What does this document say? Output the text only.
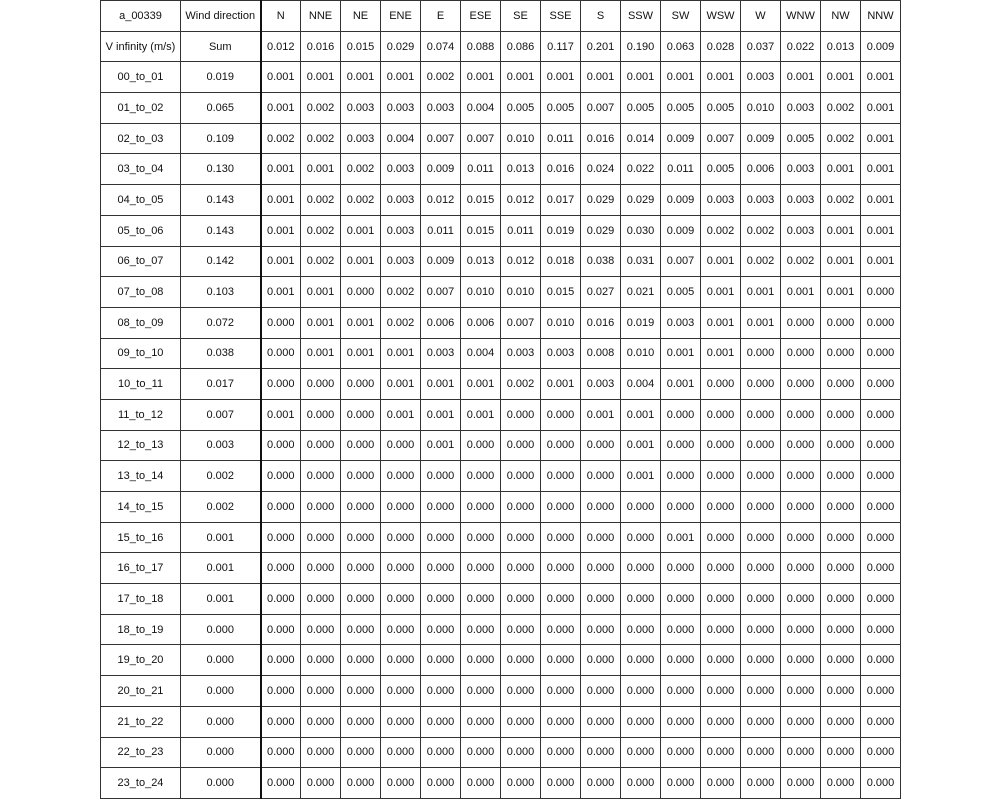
a_00339	Wind direction	N	NNE	NE	ENE	E	ESE	SE	SSE	S	SSW	SW	WSW	W	WNW	NW	NNW
V infinity (m/s)	Sum	0.012	0.016	0.015	0.029	0.074	0.088	0.086	0.117	0.201	0.190	0.063	0.028	0.037	0.022	0.013	0.009
00_to_01	0.019	0.001	0.001	0.001	0.001	0.002	0.001	0.001	0.001	0.001	0.001	0.001	0.001	0.003	0.001	0.001	0.001
01_to_02	0.065	0.001	0.002	0.003	0.003	0.003	0.004	0.005	0.005	0.007	0.005	0.005	0.005	0.010	0.003	0.002	0.001
02_to_03	0.109	0.002	0.002	0.003	0.004	0.007	0.007	0.010	0.011	0.016	0.014	0.009	0.007	0.009	0.005	0.002	0.001
03_to_04	0.130	0.001	0.001	0.002	0.003	0.009	0.011	0.013	0.016	0.024	0.022	0.011	0.005	0.006	0.003	0.001	0.001
04_to_05	0.143	0.001	0.002	0.002	0.003	0.012	0.015	0.012	0.017	0.029	0.029	0.009	0.003	0.003	0.003	0.002	0.001
05_to_06	0.143	0.001	0.002	0.001	0.003	0.011	0.015	0.011	0.019	0.029	0.030	0.009	0.002	0.002	0.003	0.001	0.001
06_to_07	0.142	0.001	0.002	0.001	0.003	0.009	0.013	0.012	0.018	0.038	0.031	0.007	0.001	0.002	0.002	0.001	0.001
07_to_08	0.103	0.001	0.001	0.000	0.002	0.007	0.010	0.010	0.015	0.027	0.021	0.005	0.001	0.001	0.001	0.001	0.000
08_to_09	0.072	0.000	0.001	0.001	0.002	0.006	0.006	0.007	0.010	0.016	0.019	0.003	0.001	0.001	0.000	0.000	0.000
09_to_10	0.038	0.000	0.001	0.001	0.001	0.003	0.004	0.003	0.003	0.008	0.010	0.001	0.001	0.000	0.000	0.000	0.000
10_to_11	0.017	0.000	0.000	0.000	0.001	0.001	0.001	0.002	0.001	0.003	0.004	0.001	0.000	0.000	0.000	0.000	0.000
11_to_12	0.007	0.001	0.000	0.000	0.001	0.001	0.001	0.000	0.000	0.001	0.001	0.000	0.000	0.000	0.000	0.000	0.000
12_to_13	0.003	0.000	0.000	0.000	0.000	0.001	0.000	0.000	0.000	0.000	0.001	0.000	0.000	0.000	0.000	0.000	0.000
13_to_14	0.002	0.000	0.000	0.000	0.000	0.000	0.000	0.000	0.000	0.000	0.001	0.000	0.000	0.000	0.000	0.000	0.000
14_to_15	0.002	0.000	0.000	0.000	0.000	0.000	0.000	0.000	0.000	0.000	0.000	0.000	0.000	0.000	0.000	0.000	0.000
15_to_16	0.001	0.000	0.000	0.000	0.000	0.000	0.000	0.000	0.000	0.000	0.000	0.001	0.000	0.000	0.000	0.000	0.000
16_to_17	0.001	0.000	0.000	0.000	0.000	0.000	0.000	0.000	0.000	0.000	0.000	0.000	0.000	0.000	0.000	0.000	0.000
17_to_18	0.001	0.000	0.000	0.000	0.000	0.000	0.000	0.000	0.000	0.000	0.000	0.000	0.000	0.000	0.000	0.000	0.000
18_to_19	0.000	0.000	0.000	0.000	0.000	0.000	0.000	0.000	0.000	0.000	0.000	0.000	0.000	0.000	0.000	0.000	0.000
19_to_20	0.000	0.000	0.000	0.000	0.000	0.000	0.000	0.000	0.000	0.000	0.000	0.000	0.000	0.000	0.000	0.000	0.000
20_to_21	0.000	0.000	0.000	0.000	0.000	0.000	0.000	0.000	0.000	0.000	0.000	0.000	0.000	0.000	0.000	0.000	0.000
21_to_22	0.000	0.000	0.000	0.000	0.000	0.000	0.000	0.000	0.000	0.000	0.000	0.000	0.000	0.000	0.000	0.000	0.000
22_to_23	0.000	0.000	0.000	0.000	0.000	0.000	0.000	0.000	0.000	0.000	0.000	0.000	0.000	0.000	0.000	0.000	0.000
23_to_24	0.000	0.000	0.000	0.000	0.000	0.000	0.000	0.000	0.000	0.000	0.000	0.000	0.000	0.000	0.000	0.000	0.000
